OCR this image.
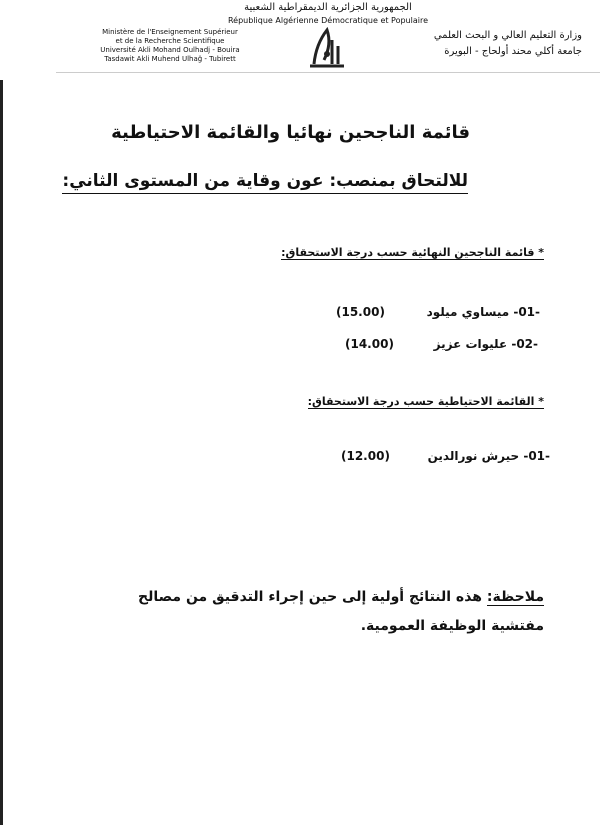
الجمهورية الجزائرية الديمقراطية الشعبية
République Algérienne Démocratique et Populaire
Ministère de l'Enseignement Supérieur
et de la Recherche Scientifique
Université Akli Mohand Oulhadj - Bouira
Tasdawit Akli Muhend Ulhağ - Tubirett
وزارة التعليم العالي و البحث العلمي
جامعة أكلي محند أولحاج - البويرة
قائمة الناجحين نهائيا والقائمة الاحتياطية
للالتحاق بمنصب: عون وقاية من المستوى الثاني:
* قائمة الناجحين النهائية حسب درجة الاستحقاق:
-01- ميساوي ميلود
(15.00)
-02- عليوات عزيز
(14.00)
* القائمة الاحتياطية حسب درجة الاستحقاق:
-01- حيرش نورالدين
(12.00)
ملاحظة: هذه النتائج أولية إلى حين إجراء التدقيق من مصالح مفتشية الوظيفة العمومية.
